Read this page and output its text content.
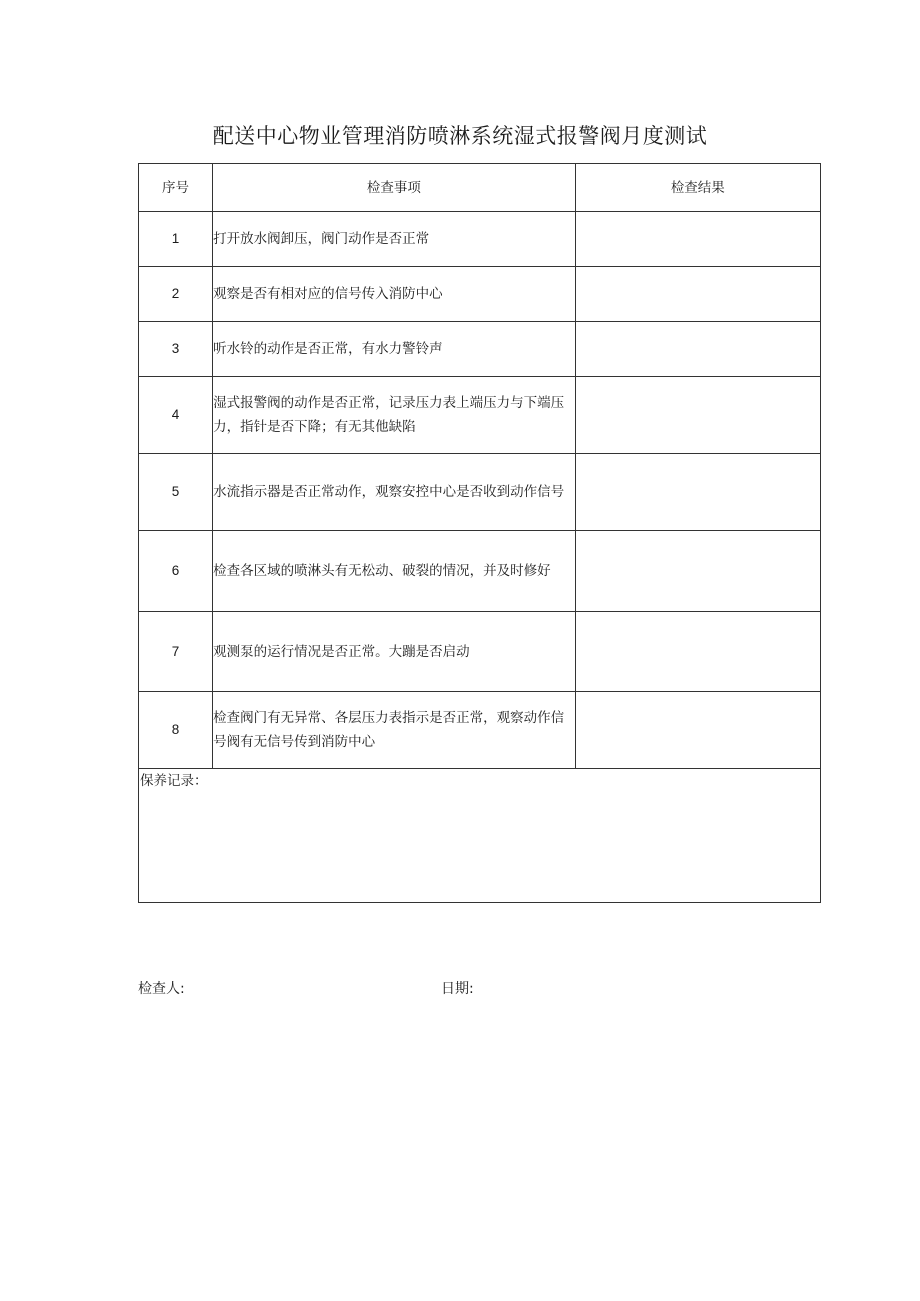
配送中心物业管理消防喷淋系统湿式报警阀月度测试
序号	检查事项	检查结果
1	打开放水阀卸压，阀门动作是否正常	
2	观察是否有相对应的信号传入消防中心	
3	听水铃的动作是否正常，有水力警铃声	
4	湿式报警阀的动作是否正常，记录压力表上端压力与下端压力，指针是否下降；有无其他缺陷	
5	水流指示器是否正常动作，观察安控中心是否收到动作信号	
6	检查各区域的喷淋头有无松动、破裂的情况，并及时修好	
7	观测泵的运行情况是否正常。大蹦是否启动	
8	检查阀门有无异常、各层压力表指示是否正常，观察动作信号阀有无信号传到消防中心	
保养记录：		
检查人:	日期:
